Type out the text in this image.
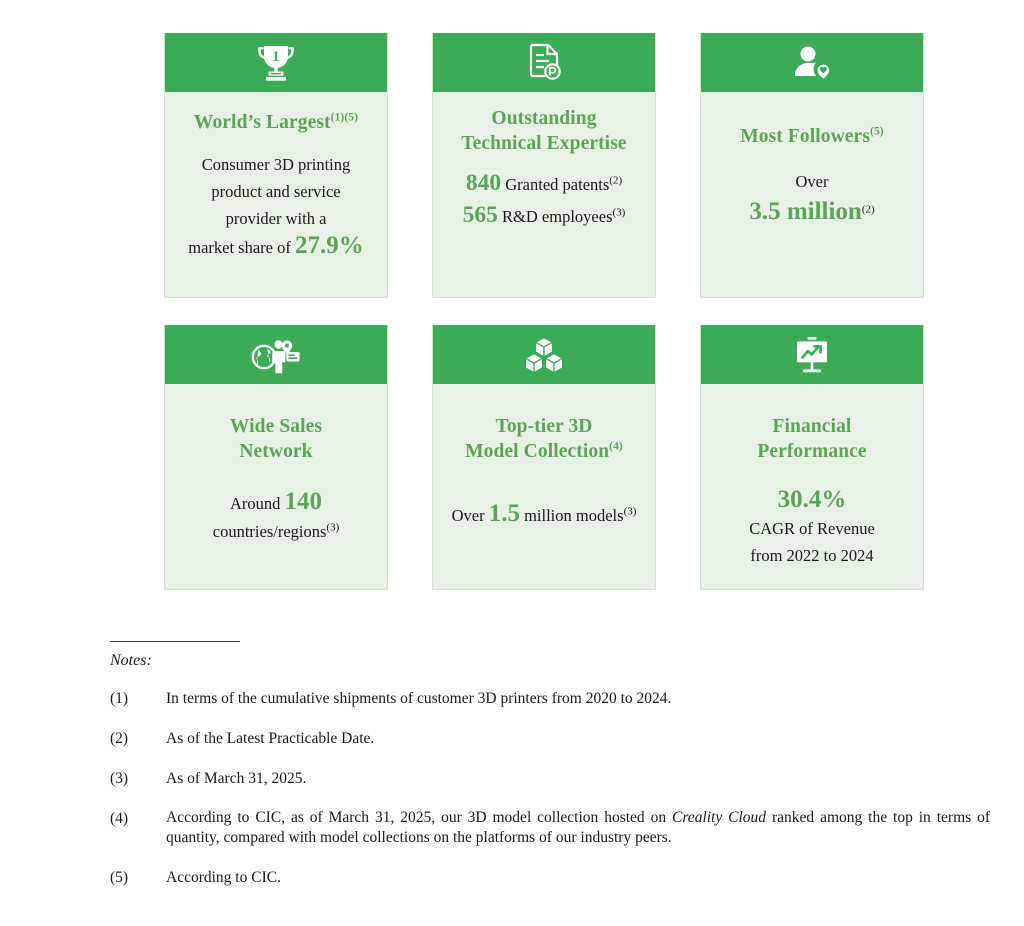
1
World’s Largest$^{(1)(5)}$
Consumer 3D printing
product and service
provider with a
market share of 27.9%
Outstanding
Technical Expertise
840 Granted patents$^{(2)}$
565 R&D employees$^{(3)}$
Most Followers$^{(5)}$
Over
3.5 million$^{(2)}$
Wide Sales
Network
Around 140
countries/regions$^{(3)}$
Top-tier 3D
Model Collection$^{(4)}$
Over 1.5 million models$^{(3)}$
Financial
Performance
30.4%
CAGR of Revenue
from 2022 to 2024
Notes:
(1)	In terms of the cumulative shipments of customer 3D printers from 2020 to 2024.
(2)	As of the Latest Practicable Date.
(3)	As of March 31, 2025.
(4)	According to CIC, as of March 31, 2025, our 3D model collection hosted on Creality Cloud ranked among the top in terms of quantity, compared with model collections on the platforms of our industry peers.
(5)	According to CIC.
